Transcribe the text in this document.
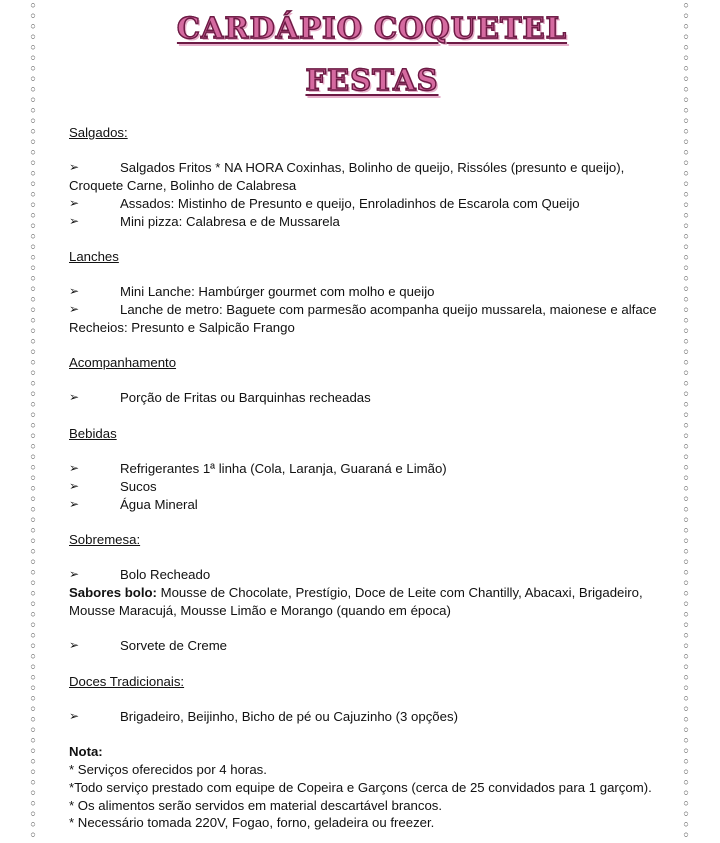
CARDÁPIO COQUETEL
FESTAS
Salgados:
➢	Salgados Fritos * NA HORA Coxinhas, Bolinho de queijo, Rissóles (presunto e queijo),
Croquete Carne, Bolinho de Calabresa
➢	Assados: Mistinho de Presunto e queijo, Enroladinhos de Escarola com Queijo
➢	Mini pizza: Calabresa e de Mussarela
Lanches
➢	Mini Lanche: Hambúrger gourmet com molho e queijo
➢	Lanche de metro: Baguete com parmesão acompanha queijo mussarela, maionese e alface
Recheios: Presunto e Salpicão Frango
Acompanhamento
➢	Porção de Fritas ou Barquinhas recheadas
Bebidas
➢	Refrigerantes 1ª linha (Cola, Laranja, Guaraná e Limão)
➢	Sucos
➢	Água Mineral
Sobremesa:
➢	Bolo Recheado
Sabores bolo: Mousse de Chocolate, Prestígio, Doce de Leite com Chantilly, Abacaxi, Brigadeiro,
Mousse Maracujá, Mousse Limão e Morango (quando em época)
➢	Sorvete de Creme
Doces Tradicionais:
➢	Brigadeiro, Beijinho, Bicho de pé ou Cajuzinho (3 opções)
Nota:
* Serviços oferecidos por 4 horas.
*Todo serviço prestado com equipe de Copeira e Garçons (cerca de 25 convidados para 1 garçom).
* Os alimentos serão servidos em material descartável brancos.
* Necessário tomada 220V, Fogao, forno, geladeira ou freezer.
